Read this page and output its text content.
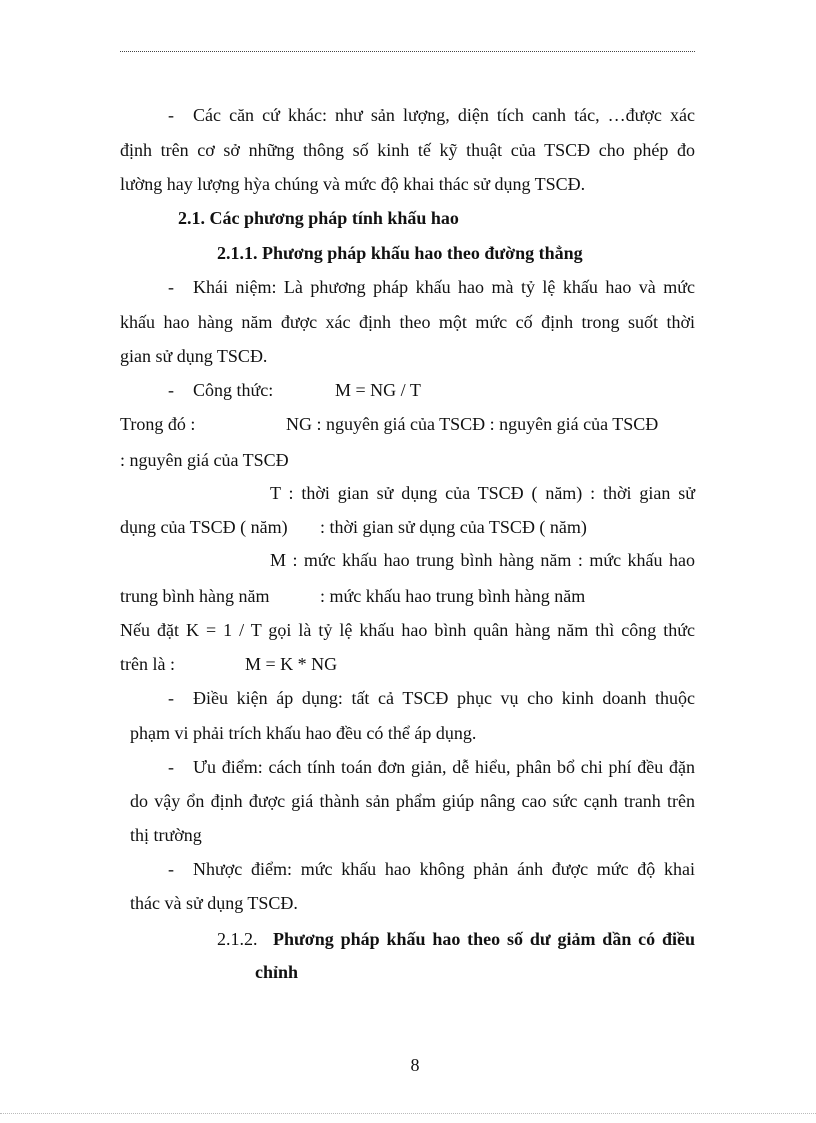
- Các căn cứ khác: như sản lượng, diện tích canh tác, …được xác
định trên cơ sở những thông số kinh tế kỹ thuật của TSCĐ cho phép đo
lường hay lượng hỳa chúng và mức độ khai thác sử dụng TSCĐ.
2.1. Các phương pháp tính khấu hao
2.1.1. Phương pháp khấu hao theo đường thẳng
- Khái niệm: Là phương pháp khấu hao mà tỷ lệ khấu hao và mức
khấu hao hàng năm được xác định theo một mức cố định trong suốt thời
gian sử dụng TSCĐ.
- Công thức:	M = NG / T
Trong đó :	NG : nguyên giá của TSCĐ : nguyên giá của TSCĐ
: nguyên giá của TSCĐ
T : thời gian sử dụng của TSCĐ ( năm) : thời gian sử
dụng của TSCĐ ( năm) : thời gian sử dụng của TSCĐ ( năm)
M : mức khấu hao trung bình hàng năm : mức khấu hao
trung bình hàng năm	: mức khấu hao trung bình hàng năm
Nếu đặt K = 1 / T gọi là tỷ lệ khấu hao bình quân hàng năm thì công thức
trên là :	M = K * NG
- Điều kiện áp dụng: tất cả TSCĐ phục vụ cho kinh doanh thuộc
phạm vi phải trích khấu hao đều có thể áp dụng.
- Ưu điểm: cách tính toán đơn giản, dễ hiểu, phân bổ chi phí đều đặn
do vậy ổn định được giá thành sản phẩm giúp nâng cao sức cạnh tranh trên
thị trường
- Nhược điểm: mức khấu hao không phản ánh được mức độ khai
thác và sử dụng TSCĐ.
2.1.2. Phương pháp khấu hao theo số dư giảm dần có điều
chỉnh
8
